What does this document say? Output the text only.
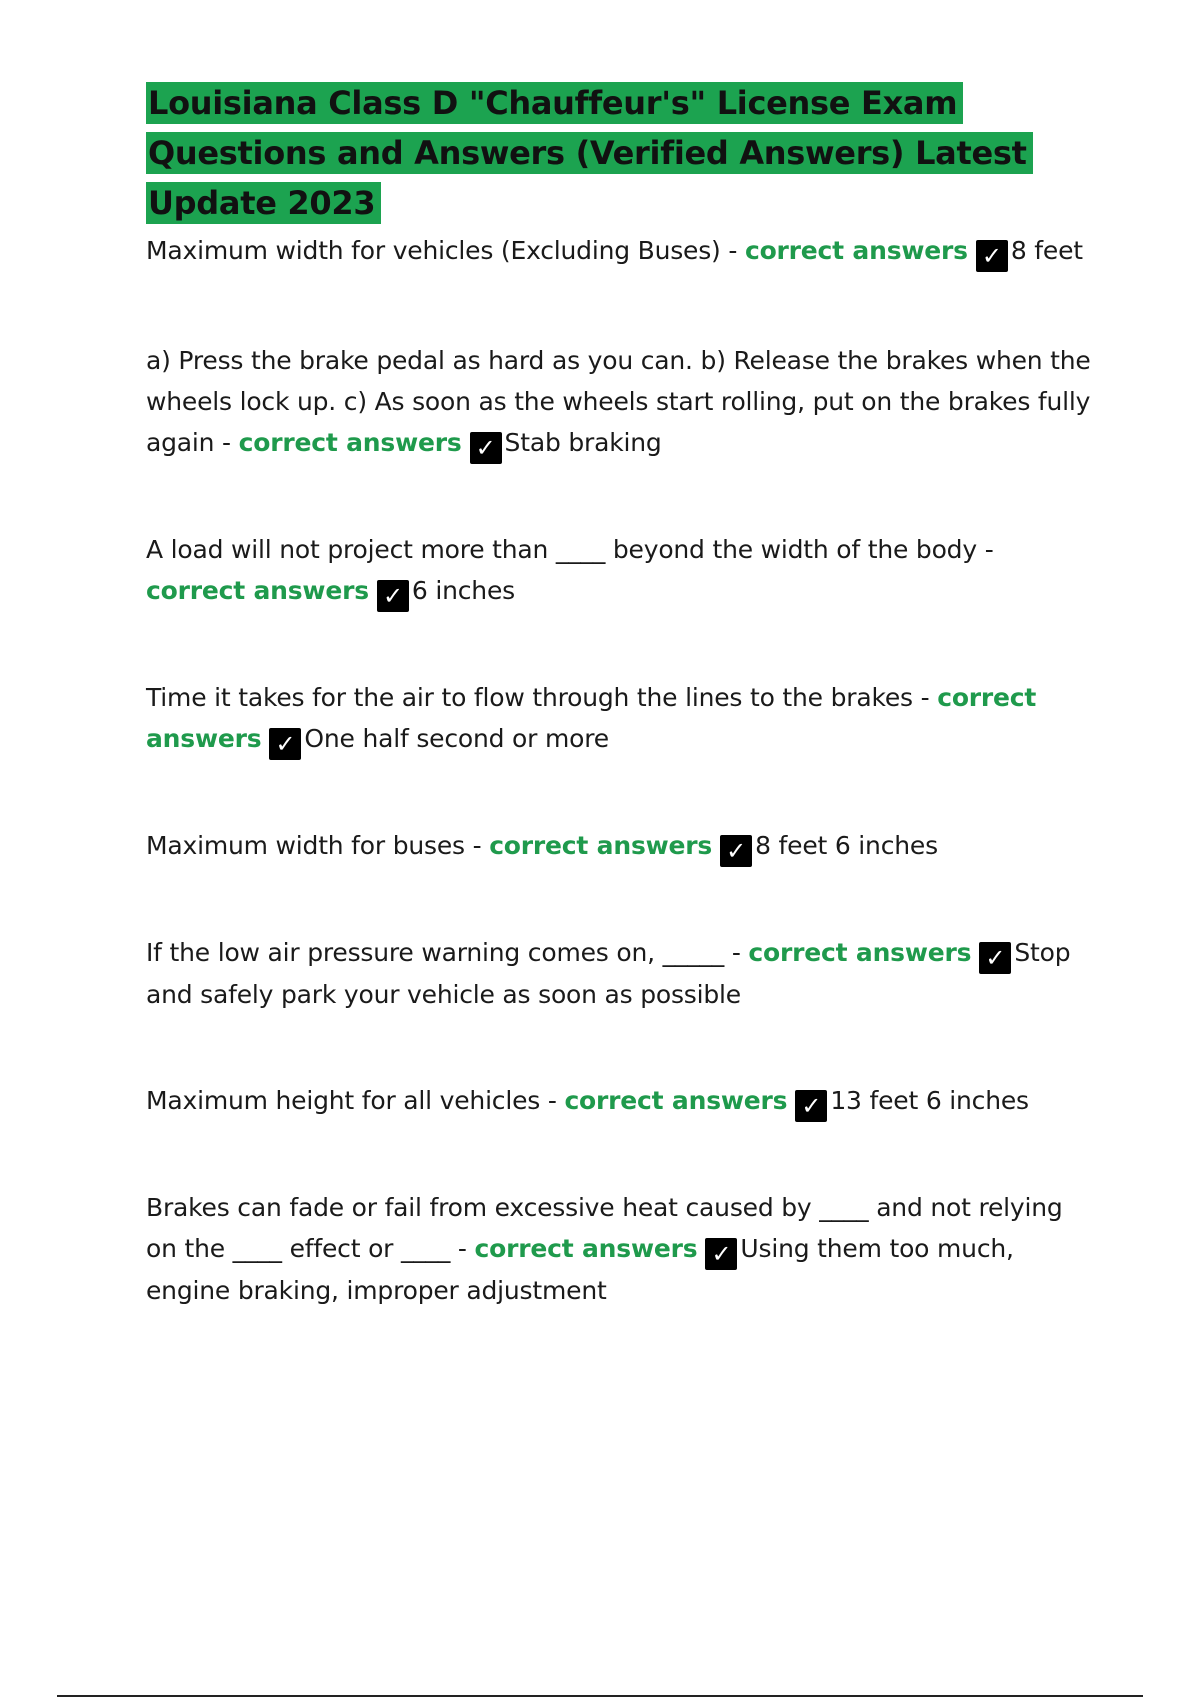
Louisiana Class D "Chauffeur's" License Exam Questions and Answers (Verified Answers) Latest Update 2023

Maximum width for vehicles (Excluding Buses) - correct answers ✓ 8 feet

a) Press the brake pedal as hard as you can. b) Release the brakes when the wheels lock up. c) As soon as the wheels start rolling, put on the brakes fully again - correct answers ✓ Stab braking

A load will not project more than ____ beyond the width of the body - correct answers ✓ 6 inches

Time it takes for the air to flow through the lines to the brakes - correct answers ✓ One half second or more

Maximum width for buses - correct answers ✓ 8 feet 6 inches

If the low air pressure warning comes on, _____ - correct answers ✓ Stop and safely park your vehicle as soon as possible

Maximum height for all vehicles - correct answers ✓ 13 feet 6 inches

Brakes can fade or fail from excessive heat caused by ____ and not relying on the ____ effect or ____ - correct answers ✓ Using them too much, engine braking, improper adjustment
